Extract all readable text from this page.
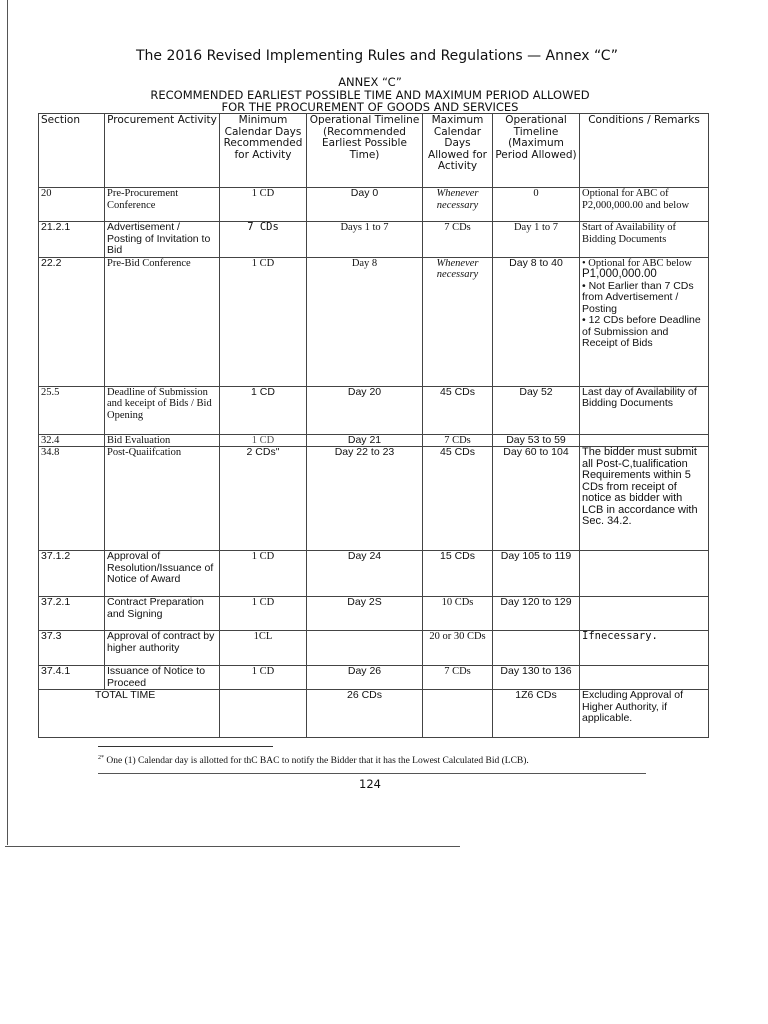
The 2016 Revised Implementing Rules and Regulations — Annex “C”
ANNEX “C”
RECOMMENDED EARLIEST POSSIBLE TIME AND MAXIMUM PERIOD ALLOWED
FOR THE PROCUREMENT OF GOODS AND SERVICES
Section	Procurement Activity	Minimum Calendar Days Recommended for Activity	Operational Timeline (Recommended Earliest Possible Time)	Maximum Calendar Days Allowed for Activity	Operational Timeline (Maximum Period Allowed)	Conditions / Remarks
20	Pre-Procurement Conference	1 CD	Day 0	Whenever necessary	0	Optional for ABC of P2,000,000.00 and below
21.2.1	Advertisement / Posting of Invitation to Bid	7 CDs	Days 1 to 7	7 CDs	Day 1 to 7	Start of Availability of Bidding Documents
22.2	Pre-Bid Conference	1 CD	Day 8	Whenever necessary	Day 8 to 40	• Optional for ABC below
P1,000,000.00
• Not Earlier than 7 CDs from Advertisement / Posting
• 12 CDs before Deadline of Submission and Receipt of Bids

25.5	Deadline of Submission and keceipt of Bids / Bid Opening	1 CD	Day 20	45 CDs	Day 52	Last day of Availability of Bidding Documents
32.4	Bid Evaluation	1 CD	Day 21	7 CDs	Day 53 to 59	
34.8	Post-Quaiifcation	2 CDs"	Day 22 to 23	45 CDs	Day 60 to 104	The bidder must submit all Post-C,tualification Requirements within 5 CDs from receipt of notice as bidder with LCB in accordance with Sec. 34.2.
37.1.2	Approval of Resolution/Issuance of Notice of Award	1 CD	Day 24	15 CDs	Day 105 to 119	
37.2.1	Contract Preparation and Signing	1 CD	Day 2S	10 CDs	Day 120 to 129	
37.3	Approval of contract by higher authority	1CL		20 or 30 CDs		Ifnecessary.
37.4.1	Issuance of Notice to Proceed	1 CD	Day 26	7 CDs	Day 130 to 136	
TOTAL TIME			26 CDs		1Z6 CDs	Excluding Approval of Higher Authority, if applicable.
$^{2*}$ One (1) Calendar day is allotted for thC BAC to notify the Bidder that it has the Lowest Calculated Bid (LCB).
124
